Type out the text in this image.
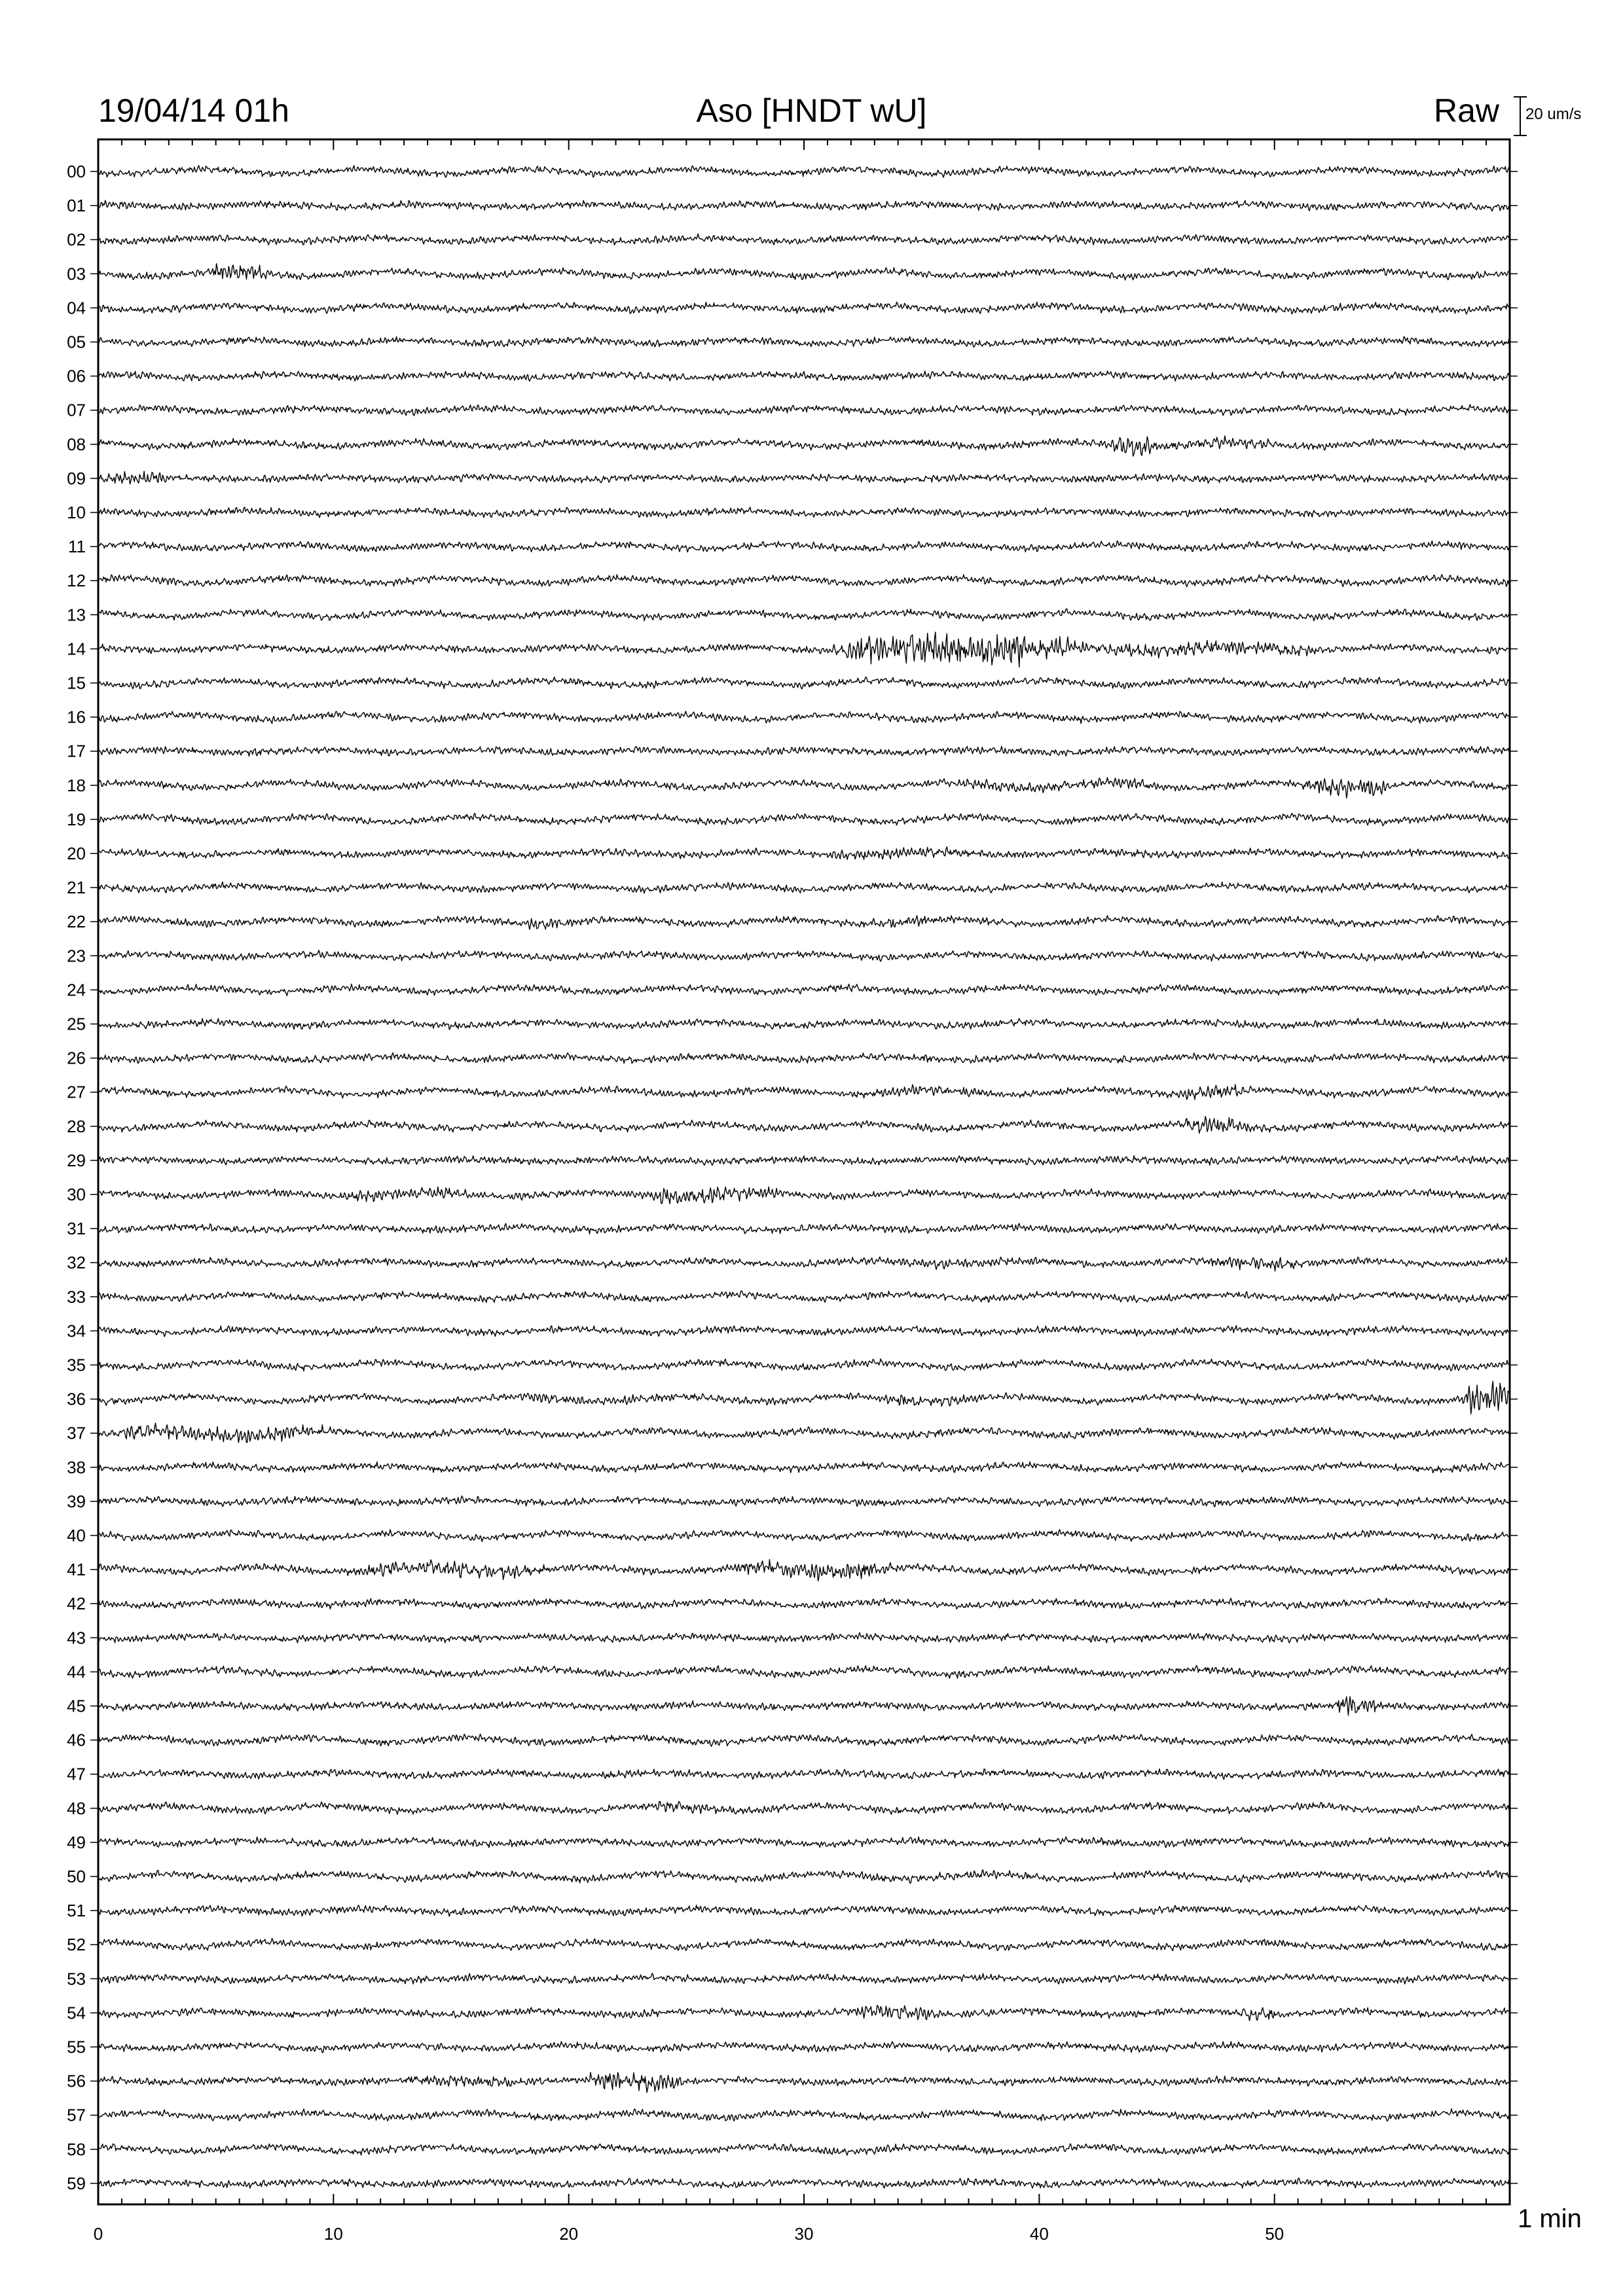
19/04/14 01h	Aso [HNDT wU]	Raw 20 um/s
1 min
00
01
02
03
04
05
06
07
08
09
10
11
12
13
14
15
16
17
18
19
20
21
22
23
24
25
26
27
28
29
30
31
32
33
34
35
36
37
38
39
40
41
42
43
44
45
46
47
48
49
50
51
52
53
54
55
56
57
58
59
0	10	20	30	40	50
